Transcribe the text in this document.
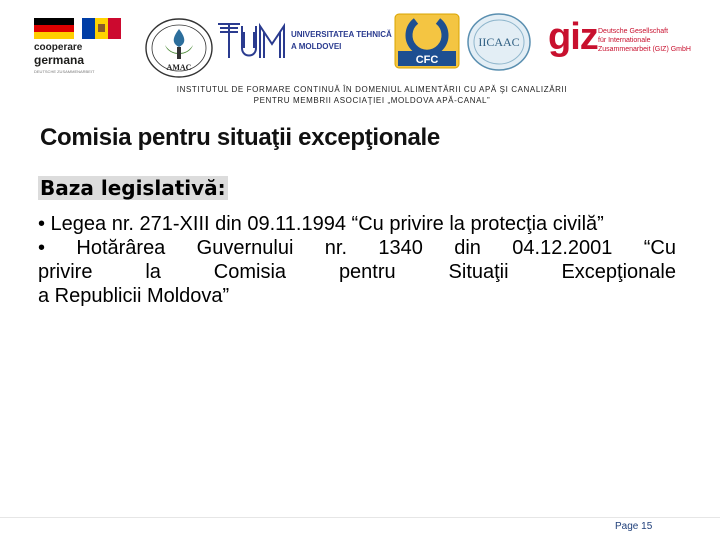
cooperare
germana
DEUTSCHE ZUSAMMENARBEIT	AMAC
UNIVERSITATEA TEHNICĂ
A MOLDOVEI
CFC
IICAAC giz Deutsche Gesellschaft
für Internationale
Zusammenarbeit (GIZ) GmbH
INSTITUTUL DE FORMARE CONTINUĂ ÎN DOMENIUL ALIMENTĂRII CU APĂ ŞI CANALIZĂRII
PENTRU MEMBRII ASOCIAŢIEI „MOLDOVA APĂ-CANAL”
Comisia pentru situaţii excepţionale
Baza legislativă:
• Legea nr. 271-XIII din 09.11.1994 “Cu privire la protecţia civilă”
• Hotărârea Guvernului nr. 1340 din 04.12.2001 “Cu
privire la Comisia pentru Situaţii Excepţionale
a Republicii Moldova”
Page 15
